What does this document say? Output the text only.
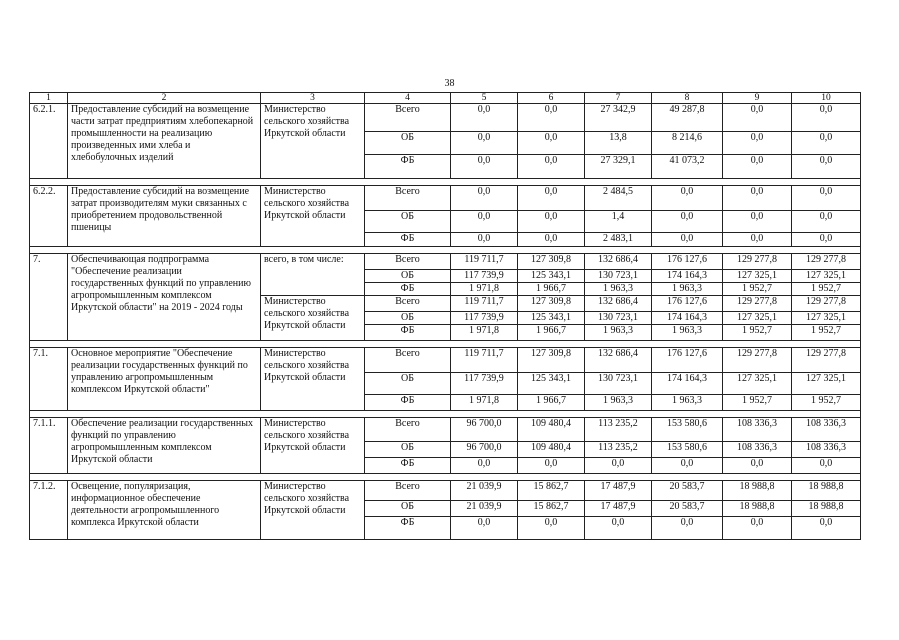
38
1	2	3	4	5	6	7	8	9	10
6.2.1.	Предоставление субсидий на возмещение части затрат предприятиям хлебопекарной промышленности на реализацию произведенных ими хлеба и хлебобулочных изделий	Министерство сельского хозяйства Иркутской области	Всего	0,0	0,0	27 342,9	49 287,8	0,0	0,0
			ОБ	0,0	0,0	13,8	8 214,6	0,0	0,0
			ФБ	0,0	0,0	27 329,1	41 073,2	0,0	0,0

6.2.2.	Предоставление субсидий на возмещение затрат производителям муки связанных с приобретением продовольственной пшеницы	Министерство сельского хозяйства Иркутской области	Всего	0,0	0,0	2 484,5	0,0	0,0	0,0
			ОБ	0,0	0,0	1,4	0,0	0,0	0,0
			ФБ	0,0	0,0	2 483,1	0,0	0,0	0,0

7.	Обеспечивающая подпрограмма "Обеспечение реализации государственных функций по управлению агропромышленным комплексом Иркутской области" на 2019 - 2024 годы	всего, в том числе:	Всего	119 711,7	127 309,8	132 686,4	176 127,6	129 277,8	129 277,8
			ОБ	117 739,9	125 343,1	130 723,1	174 164,3	127 325,1	127 325,1
			ФБ	1 971,8	1 966,7	1 963,3	1 963,3	1 952,7	1 952,7
		Министерство сельского хозяйства Иркутской области	Всего	119 711,7	127 309,8	132 686,4	176 127,6	129 277,8	129 277,8
			ОБ	117 739,9	125 343,1	130 723,1	174 164,3	127 325,1	127 325,1
			ФБ	1 971,8	1 966,7	1 963,3	1 963,3	1 952,7	1 952,7

7.1.	Основное мероприятие "Обеспечение реализации государственных функций по управлению агропромышленным комплексом Иркутской области"	Министерство сельского хозяйства Иркутской области	Всего	119 711,7	127 309,8	132 686,4	176 127,6	129 277,8	129 277,8
			ОБ	117 739,9	125 343,1	130 723,1	174 164,3	127 325,1	127 325,1
			ФБ	1 971,8	1 966,7	1 963,3	1 963,3	1 952,7	1 952,7

7.1.1.	Обеспечение реализации государственных функций по управлению агропромышленным комплексом Иркутской области	Министерство сельского хозяйства Иркутской области	Всего	96 700,0	109 480,4	113 235,2	153 580,6	108 336,3	108 336,3
			ОБ	96 700,0	109 480,4	113 235,2	153 580,6	108 336,3	108 336,3
			ФБ	0,0	0,0	0,0	0,0	0,0	0,0

7.1.2.	Освещение, популяризация, информационное обеспечение деятельности агропромышленного комплекса Иркутской области	Министерство сельского хозяйства Иркутской области	Всего	21 039,9	15 862,7	17 487,9	20 583,7	18 988,8	18 988,8
			ОБ	21 039,9	15 862,7	17 487,9	20 583,7	18 988,8	18 988,8
			ФБ	0,0	0,0	0,0	0,0	0,0	0,0
